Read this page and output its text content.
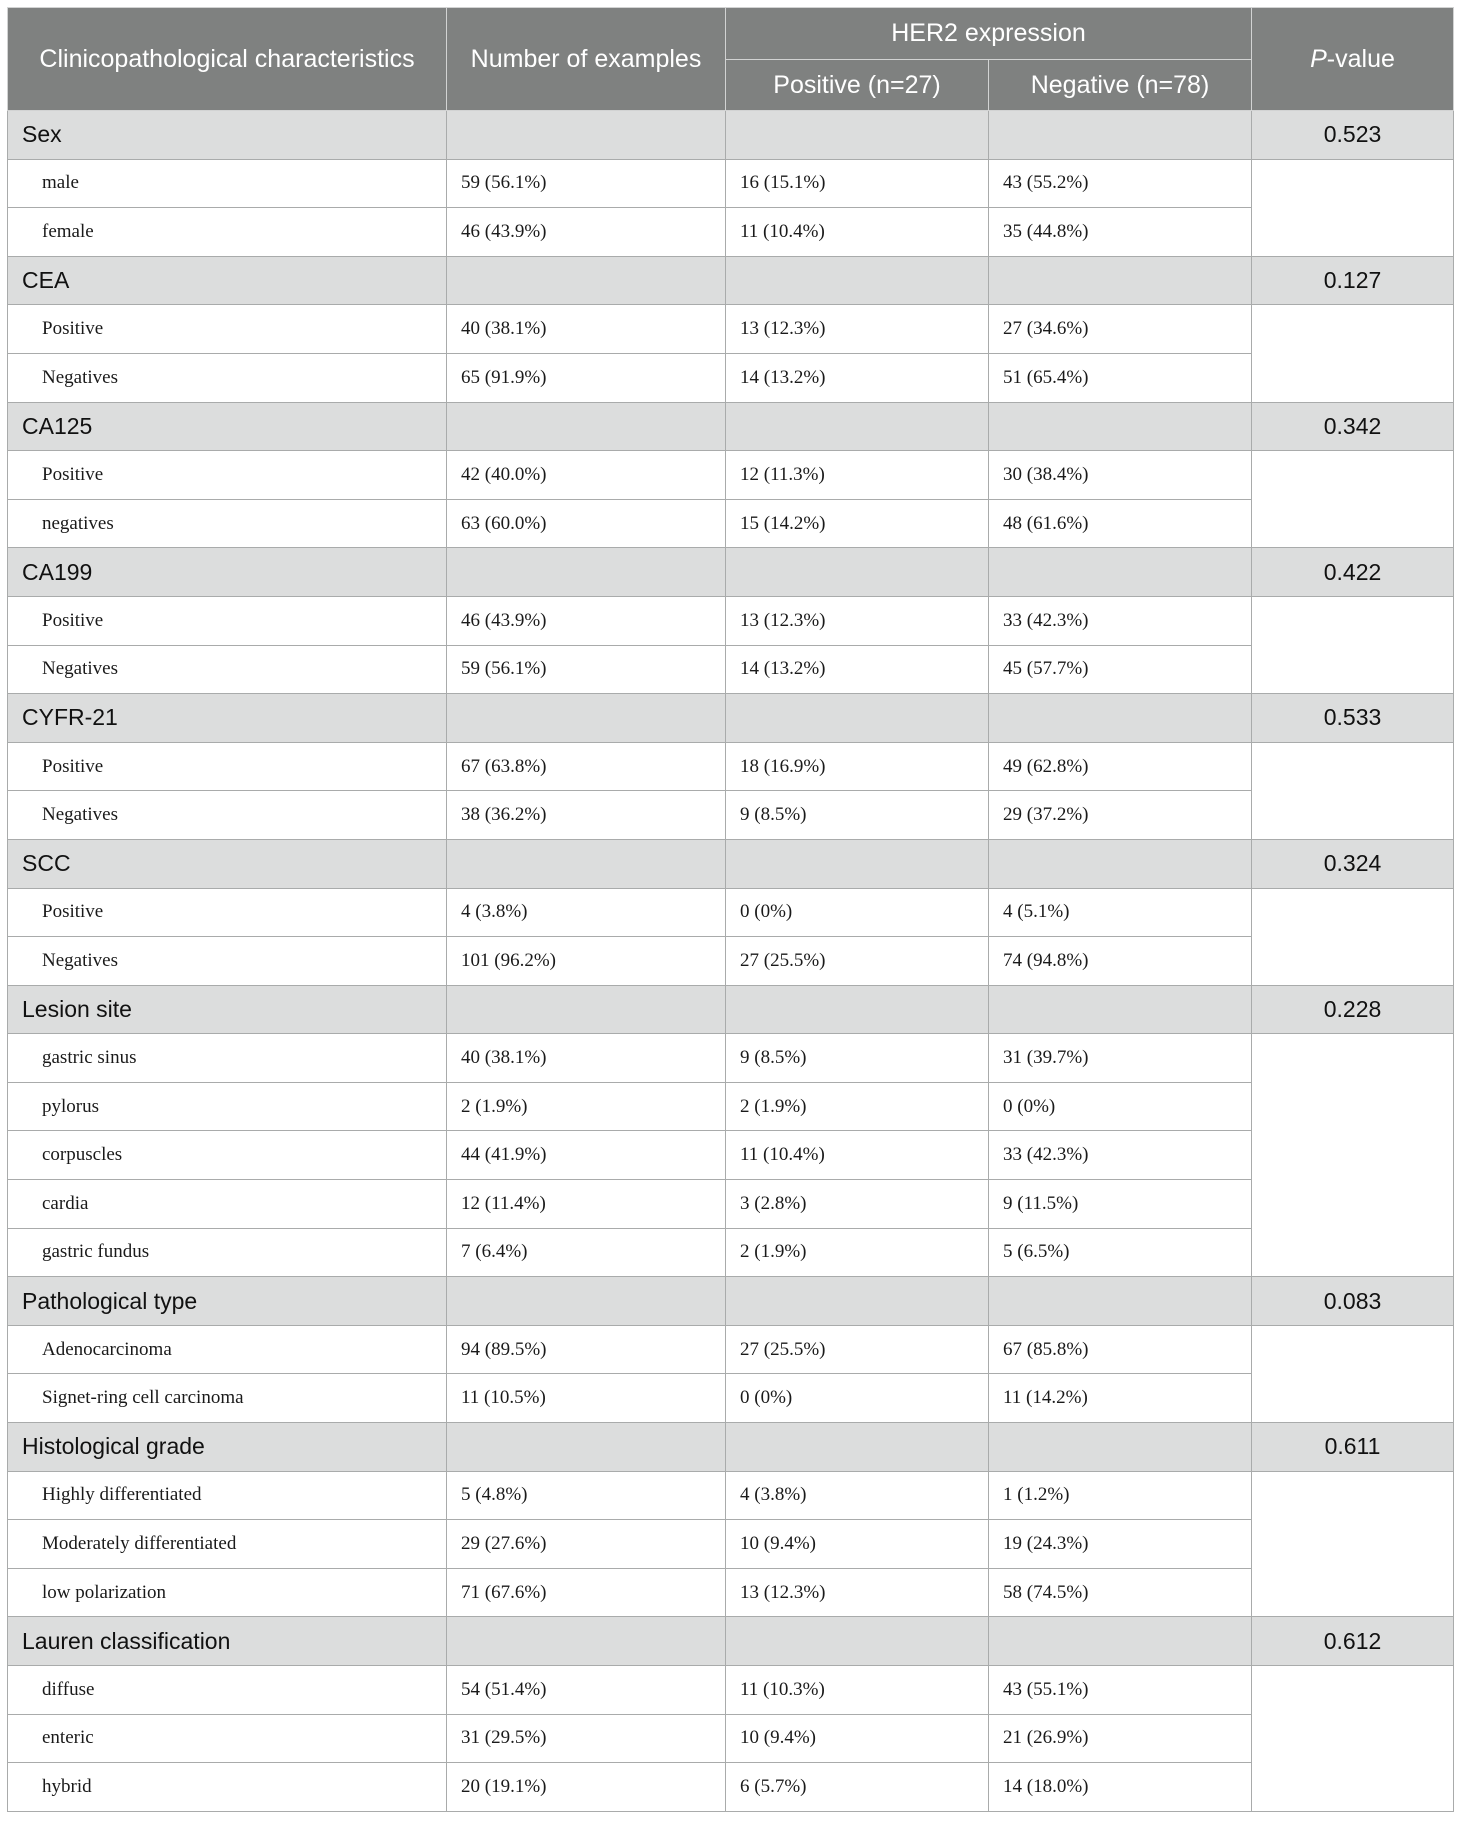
Clinicopathological characteristics	Number of examples	HER2 expression		P-value
		Positive (n=27)	Negative (n=78)	
Sex				0.523
male	59 (56.1%)	16 (15.1%)	43 (55.2%)	
female	46 (43.9%)	11 (10.4%)	35 (44.8%)	
CEA				0.127
Positive	40 (38.1%)	13 (12.3%)	27 (34.6%)	
Negatives	65 (91.9%)	14 (13.2%)	51 (65.4%)	
CA125				0.342
Positive	42 (40.0%)	12 (11.3%)	30 (38.4%)	
negatives	63 (60.0%)	15 (14.2%)	48 (61.6%)	
CA199				0.422
Positive	46 (43.9%)	13 (12.3%)	33 (42.3%)	
Negatives	59 (56.1%)	14 (13.2%)	45 (57.7%)	
CYFR-21				0.533
Positive	67 (63.8%)	18 (16.9%)	49 (62.8%)	
Negatives	38 (36.2%)	9 (8.5%)	29 (37.2%)	
SCC				0.324
Positive	4 (3.8%)	0 (0%)	4 (5.1%)	
Negatives	101 (96.2%)	27 (25.5%)	74 (94.8%)	
Lesion site				0.228
gastric sinus	40 (38.1%)	9 (8.5%)	31 (39.7%)	
pylorus	2 (1.9%)	2 (1.9%)	0 (0%)	
corpuscles	44 (41.9%)	11 (10.4%)	33 (42.3%)	
cardia	12 (11.4%)	3 (2.8%)	9 (11.5%)	
gastric fundus	7 (6.4%)	2 (1.9%)	5 (6.5%)	
Pathological type				0.083
Adenocarcinoma	94 (89.5%)	27 (25.5%)	67 (85.8%)	
Signet-ring cell carcinoma	11 (10.5%)	0 (0%)	11 (14.2%)	
Histological grade				0.611
Highly differentiated	5 (4.8%)	4 (3.8%)	1 (1.2%)	
Moderately differentiated	29 (27.6%)	10 (9.4%)	19 (24.3%)	
low polarization	71 (67.6%)	13 (12.3%)	58 (74.5%)	
Lauren classification				0.612
diffuse	54 (51.4%)	11 (10.3%)	43 (55.1%)	
enteric	31 (29.5%)	10 (9.4%)	21 (26.9%)	
hybrid	20 (19.1%)	6 (5.7%)	14 (18.0%)	
